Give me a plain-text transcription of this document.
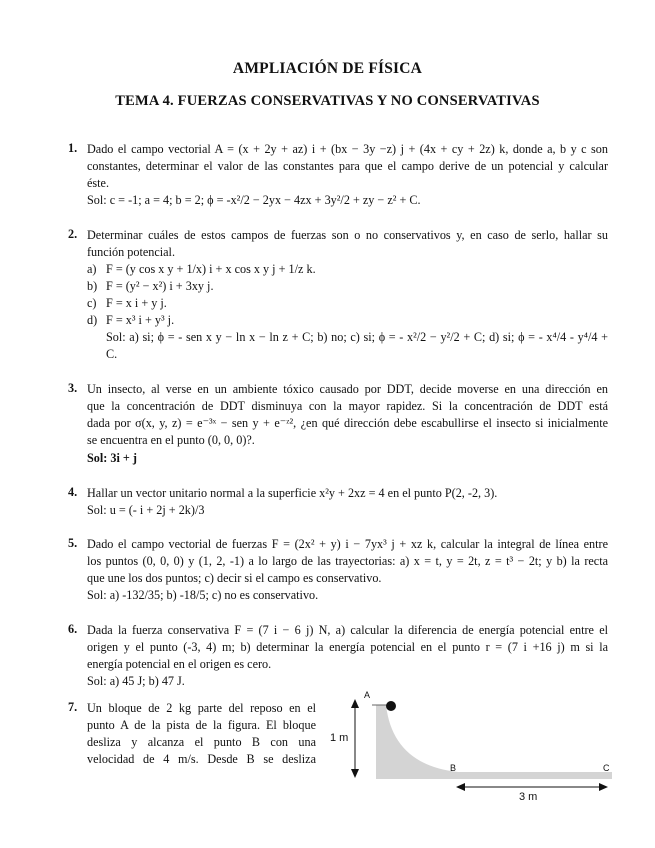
AMPLIACIÓN DE FÍSICA
TEMA 4. FUERZAS CONSERVATIVAS Y NO CONSERVATIVAS
1. Dado el campo vectorial A = (x + 2y + az) i + (bx − 3y −z) j + (4x + cy + 2z) k, donde a, b y c son
constantes, determinar el valor de las constantes para que el campo derive de un potencial y calcular
éste.
Sol: c = -1; a = 4; b = 2; ϕ = -x²/2 − 2yx − 4zx + 3y²/2 + zy − z² + C.
2. Determinar cuáles de estos campos de fuerzas son o no conservativos y, en caso de serlo, hallar su
función potencial.
a) F = (y cos x y + 1/x) i + x cos x y j + 1/z k.
b) F = (y² − x²) i + 3xy j.
c) F = x i + y j.
d) F = x³ i + y³ j.
Sol: a) si; ϕ = - sen x y − ln x − ln z + C; b) no; c) si; ϕ = - x²/2 − y²/2 + C; d) si; ϕ = - x⁴/4 - y⁴/4 +
C.
3. Un insecto, al verse en un ambiente tóxico causado por DDT, decide moverse en una dirección en
que la concentración de DDT disminuya con la mayor rapidez. Si la concentración de DDT está
dada por σ(x, y, z) = e⁻³ˣ − sen y + e⁻ᶻ², ¿en qué dirección debe escabullirse el insecto si inicialmente
se encuentra en el punto (0, 0, 0)?.
Sol: 3i + j
4. Hallar un vector unitario normal a la superficie x²y + 2xz = 4 en el punto P(2, -2, 3).
Sol: u = (- i + 2j + 2k)/3
5. Dado el campo vectorial de fuerzas F = (2x² + y) i − 7yx³ j + xz k, calcular la integral de línea entre
los puntos (0, 0, 0) y (1, 2, -1) a lo largo de las trayectorias: a) x = t, y = 2t, z = t³ − 2t; y b) la recta
que une los dos puntos; c) decir si el campo es conservativo.
Sol: a) -132/35; b) -18/5; c) no es conservativo.
6. Dada la fuerza conservativa F = (7 i − 6 j) N, a) calcular la diferencia de energía potencial entre el
origen y el punto (-3, 4) m; b) determinar la energía potencial en el punto r = (7 i +16 j) m si la
energía potencial en el origen es cero.
Sol: a) 45 J; b) 47 J.
7. Un bloque de 2 kg parte del reposo en el
punto A de la pista de la figura. El bloque
desliza y alcanza el punto B con una
velocidad de 4 m/s. Desde B se desliza
A
B	C
1 m
3 m
